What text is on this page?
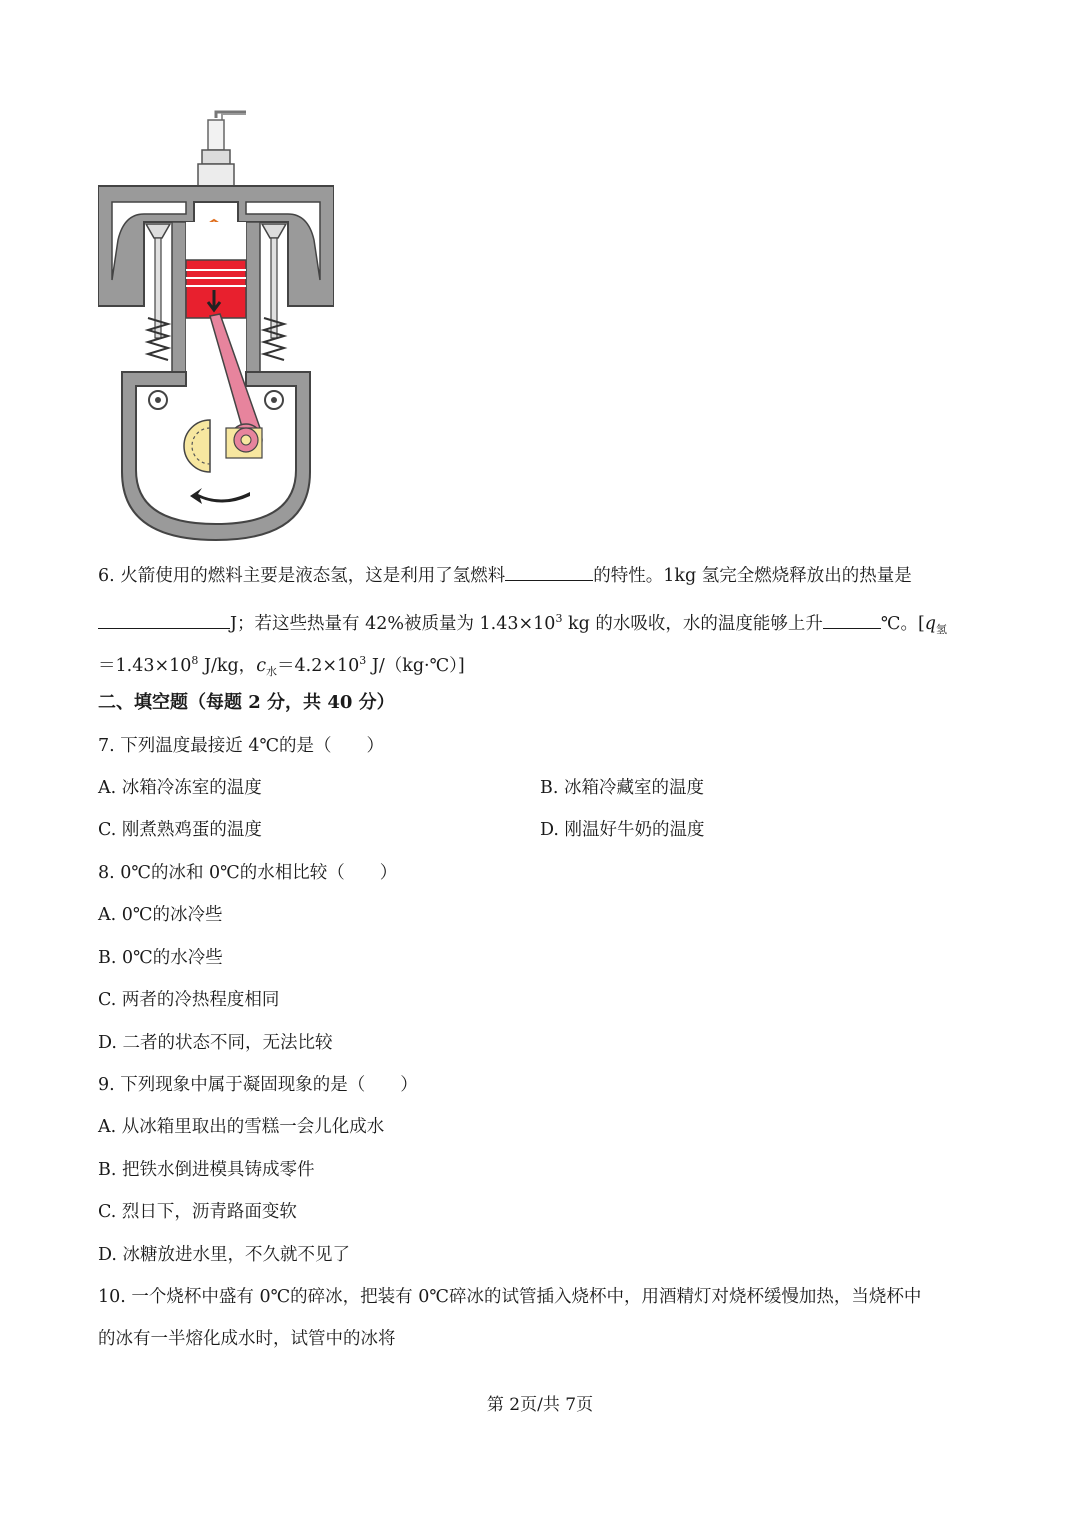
6. 火箭使用的燃料主要是液态氢，这是利用了氢燃料	的特性。1kg 氢完全燃烧释放出的热量是
J；若这些热量有 42%被质量为 $1.43\times 10^3$ kg 的水吸收，水的温度能够上升	℃。[$q_氢$
$=1.43\times 10^8$ J/kg，$c_水=4.2\times 10^3$ J/（kg·℃）]
二、填空题（每题 2 分，共 40 分）
7. 下列温度最接近 4℃的是（　　）
A. 冰箱冷冻室的温度	B. 冰箱冷藏室的温度
C. 刚煮熟鸡蛋的温度	D. 刚温好牛奶的温度
8. 0℃的冰和 0℃的水相比较（　　）
A. 0℃的冰冷些
B. 0℃的水冷些
C. 两者的冷热程度相同
D. 二者的状态不同，无法比较
9. 下列现象中属于凝固现象的是（　　）
A. 从冰箱里取出的雪糕一会儿化成水
B. 把铁水倒进模具铸成零件
C. 烈日下，沥青路面变软
D. 冰糖放进水里，不久就不见了
10. 一个烧杯中盛有 0℃的碎冰，把装有 0℃碎冰的试管插入烧杯中，用酒精灯对烧杯缓慢加热，当烧杯中
的冰有一半熔化成水时，试管中的冰将
第 2页/共 7页
